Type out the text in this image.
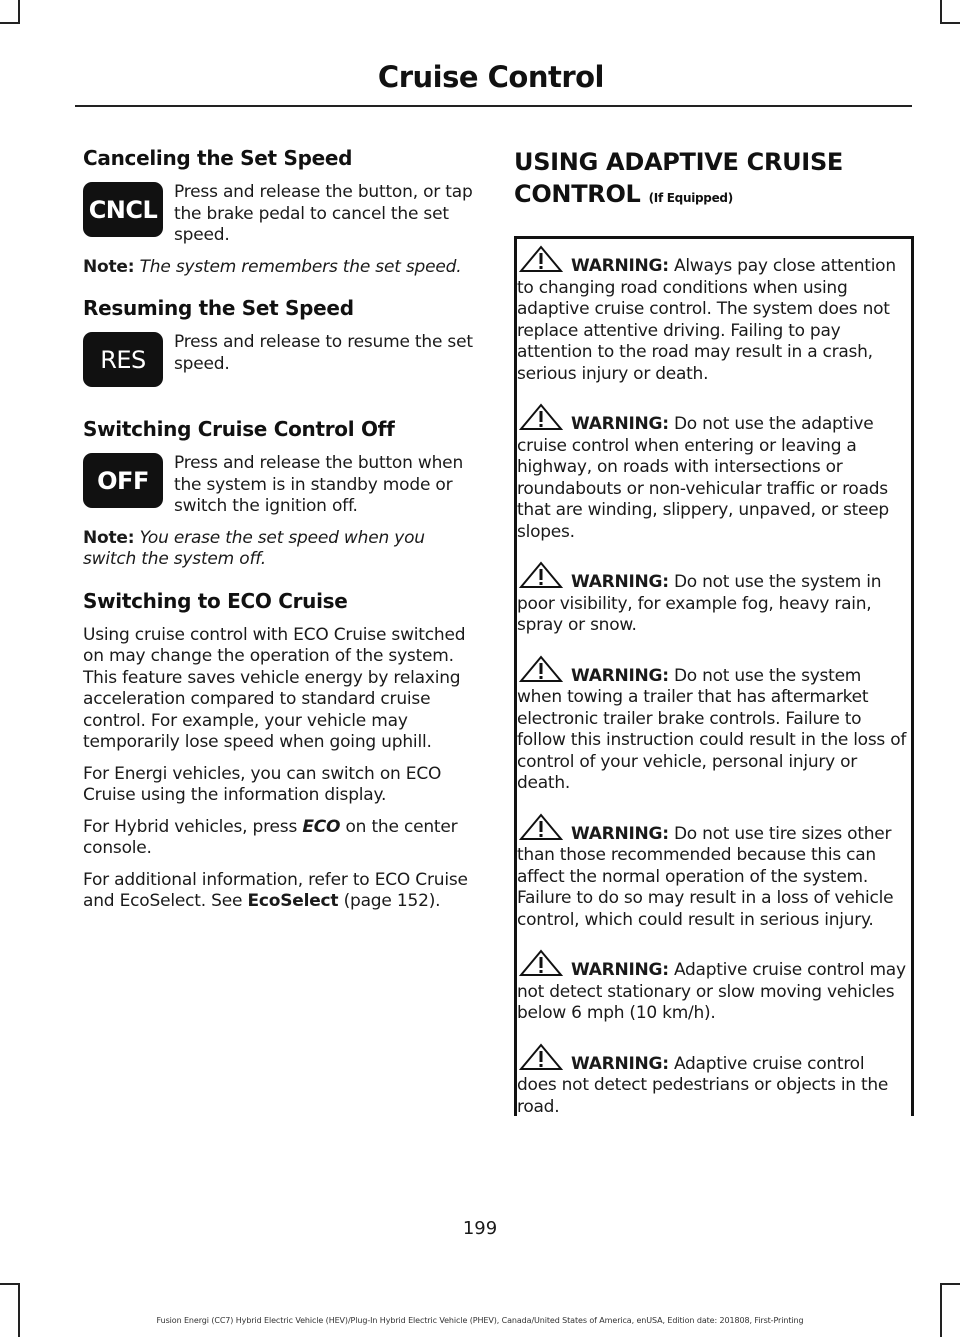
Cruise Control
Canceling the Set Speed
CNCL
Press and release the button, or tap the brake pedal to cancel the set speed.

Note: The system remembers the set speed.

Resuming the Set Speed
RES
Press and release to resume the set speed.
Switching Cruise Control Off
OFF
Press and release the button when the system is in standby mode or switch the ignition off.

Note: You erase the set speed when you switch the system off.

Switching to ECO Cruise

Using cruise control with ECO Cruise switched on may change the operation of the system. This feature saves vehicle energy by relaxing acceleration compared to standard cruise control. For example, your vehicle may temporarily lose speed when going uphill.

For Energi vehicles, you can switch on ECO Cruise using the information display.

For Hybrid vehicles, press ECO on the center console.

For additional information, refer to ECO Cruise and EcoSelect. See EcoSelect (page 152).

USING ADAPTIVE CRUISE
CONTROL (If Equipped)

WARNING: Always pay close attention to changing road conditions when using adaptive cruise control. The system does not replace attentive driving. Failing to pay attention to the road may result in a crash, serious injury or death.

WARNING: Do not use the adaptive cruise control when entering or leaving a highway, on roads with intersections or roundabouts or non-vehicular traffic or roads that are winding, slippery, unpaved, or steep slopes.

WARNING: Do not use the system in poor visibility, for example fog, heavy rain, spray or snow.

WARNING: Do not use the system when towing a trailer that has aftermarket electronic trailer brake controls. Failure to follow this instruction could result in the loss of control of your vehicle, personal injury or death.

WARNING: Do not use tire sizes other than those recommended because this can affect the normal operation of the system. Failure to do so may result in a loss of vehicle control, which could result in serious injury.

WARNING: Adaptive cruise control may not detect stationary or slow moving vehicles below 6 mph (10 km/h).

WARNING: Adaptive cruise control does not detect pedestrians or objects in the road.

199
Fusion Energi (CC7) Hybrid Electric Vehicle (HEV)/Plug-In Hybrid Electric Vehicle (PHEV), Canada/United States of America, enUSA, Edition date: 201808, First-Printing
